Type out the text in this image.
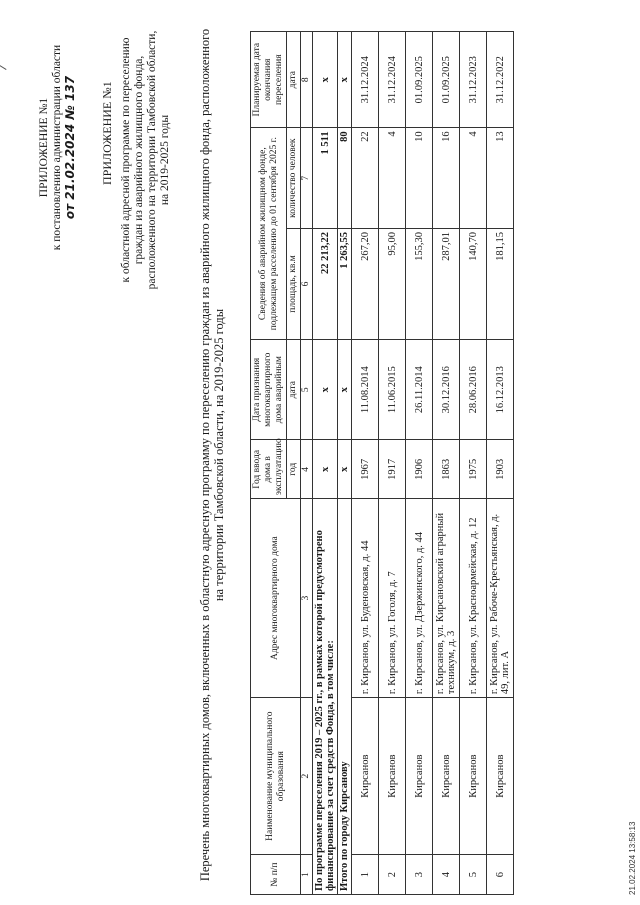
ПРИЛОЖЕНИЕ №1 к постановлению администрации области от 21.02.2024 № 137 ПРИЛОЖЕНИЕ №1 к областной адресной программе по переселению граждан из аварийного жилищного фонда, расположенного на территории Тамбовской области, на 2019-2025 годы Перечень многоквартирных домов, включенных в областную адресную программу по переселению граждан из аварийного жилищного фонда, расположенного на территории Тамбовской области, на 2019-2025 годы
№ п/п	Наименование муниципального образования	Адрес многоквартирного дома	Год ввода дома в эксплуатацию	Дата признания многоквартирного дома аварийным	Сведения об аварийном жилищном фонде, подлежащем расселению до 01 сентября 2025 г.		Планируемая дата окончания переселения
			год	дата	площадь, кв.м	количество человек	дата
1	2	3	4	5	6	7	8
По программе переселения 2019 – 2025 гг., в рамках которой предусмотрено финансирование за счет средств Фонда, в том числе:			x	x	22 213,22	1 511	x
Итого по городу Кирсанову			x	x	1 263,55	80	x
1	Кирсанов	г. Кирсанов, ул. Буденовская, д. 44	1967	11.08.2014	267,20	22	31.12.2024
2	Кирсанов	г. Кирсанов, ул. Гоголя, д. 7	1917	11.06.2015	95,00	4	31.12.2024
3	Кирсанов	г. Кирсанов, ул. Дзержинского, д. 44	1906	26.11.2014	155,30	10	01.09.2025
4	Кирсанов	г. Кирсанов, ул. Кирсановский аграрный техникум, д. 3	1863	30.12.2016	287,01	16	01.09.2025
5	Кирсанов	г. Кирсанов, ул. Красноармейская, д. 12	1975	28.06.2016	140,70	4	31.12.2023
6	Кирсанов	г. Кирсанов, ул. Рабоче-Крестьянская, д. 49, лит. А	1903	16.12.2013	181,15	13	31.12.2022
21.02.2024 13:58:13
